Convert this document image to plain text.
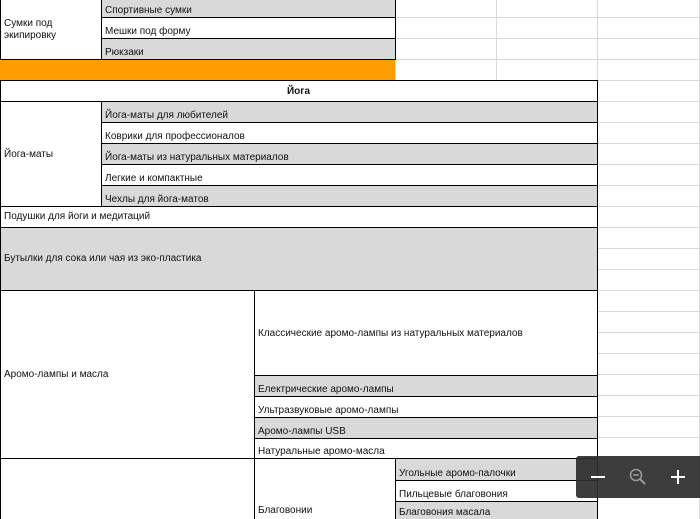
Сумки под экипировку
Спортивные сумки
Мешки под форму
Рюкзаки
Йога
Йога-маты
Йога-маты для любителей
Коврики для профессионалов
Йога-маты из натуральных материалов
Легкие и компактные
Чехлы для йога-матов
Подушки для йоги и медитаций
Бутылки для сока или чая из эко-пластика
Аромо-лампы и масла
Классические аромо-лампы из натуральных материалов
Електрические аромо-лампы
Ультразвуковые аромо-лампы
Аромо-лампы USB
Натуральные аромо-масла
Благовонии
Угольные аромо-палочки
Пильцевые благовония
Благовония масала
